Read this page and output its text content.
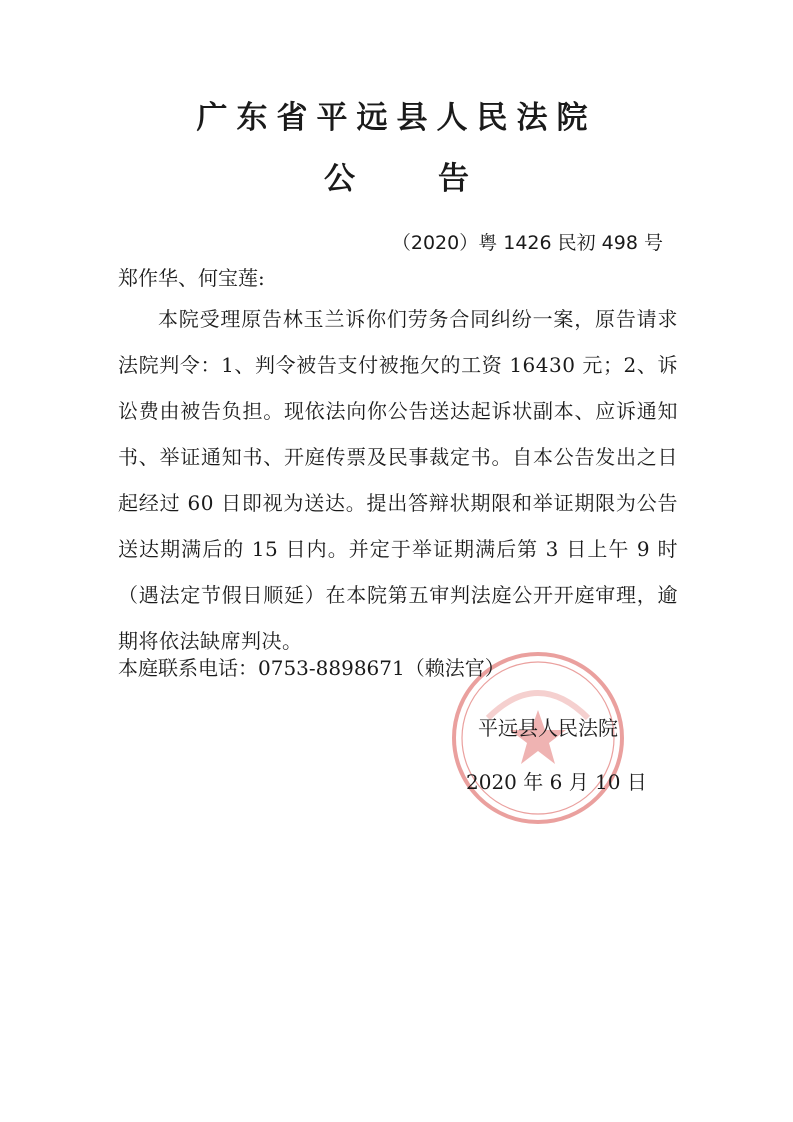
广东省平远县人民法院
公　告
（2020）粤 1426 民初 498 号
郑作华、何宝莲:
本院受理原告林玉兰诉你们劳务合同纠纷一案，原告请求法院判令：1、判令被告支付被拖欠的工资 16430 元；2、诉讼费由被告负担。现依法向你公告送达起诉状副本、应诉通知书、举证通知书、开庭传票及民事裁定书。自本公告发出之日起经过 60 日即视为送达。提出答辩状期限和举证期限为公告送达期满后的 15 日内。并定于举证期满后第 3 日上午 9 时（遇法定节假日顺延）在本院第五审判法庭公开开庭审理，逾期将依法缺席判决。
本庭联系电话：0753-8898671（赖法官）
平远县人民法院
2020 年 6 月 10 日
